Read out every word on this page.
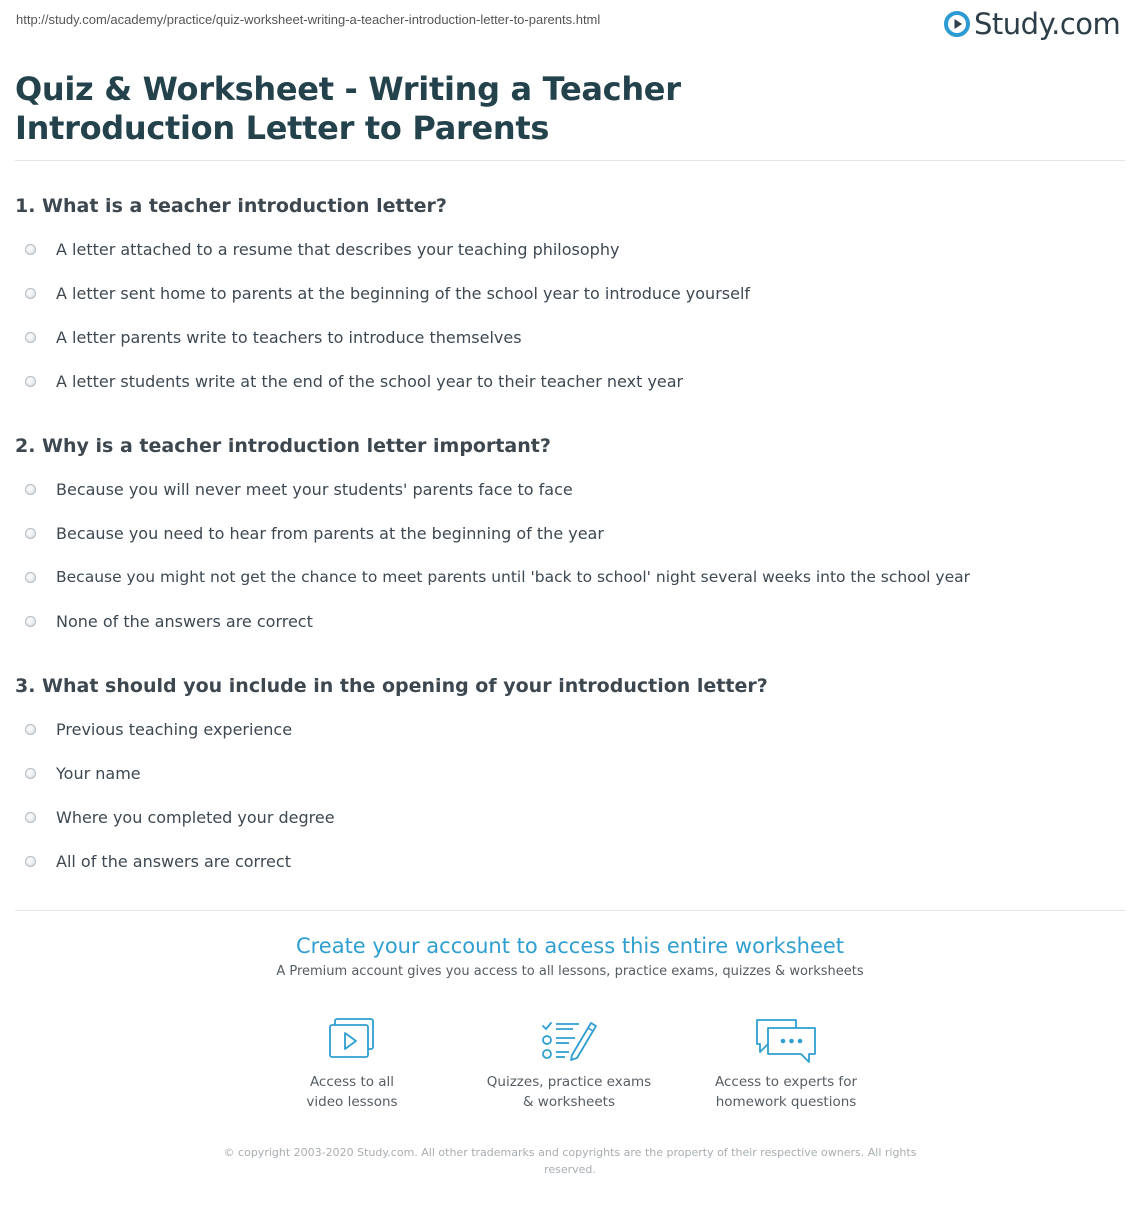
http://study.com/academy/practice/quiz-worksheet-writing-a-teacher-introduction-letter-to-parents.html	Study.com
Quiz & Worksheet - Writing a Teacher Introduction Letter to Parents
1. What is a teacher introduction letter?
A letter attached to a resume that describes your teaching philosophy
A letter sent home to parents at the beginning of the school year to introduce yourself
A letter parents write to teachers to introduce themselves
A letter students write at the end of the school year to their teacher next year
2. Why is a teacher introduction letter important?
Because you will never meet your students' parents face to face
Because you need to hear from parents at the beginning of the year
Because you might not get the chance to meet parents until 'back to school' night several weeks into the school year
None of the answers are correct
3. What should you include in the opening of your introduction letter?
Previous teaching experience
Your name
Where you completed your degree
All of the answers are correct
Create your account to access this entire worksheet
A Premium account gives you access to all lessons, practice exams, quizzes & worksheets
Access to all
video lessons
Quizzes, practice exams
& worksheets
Access to experts for
homework questions
© copyright 2003-2020 Study.com. All other trademarks and copyrights are the property of their respective owners. All rights reserved.
